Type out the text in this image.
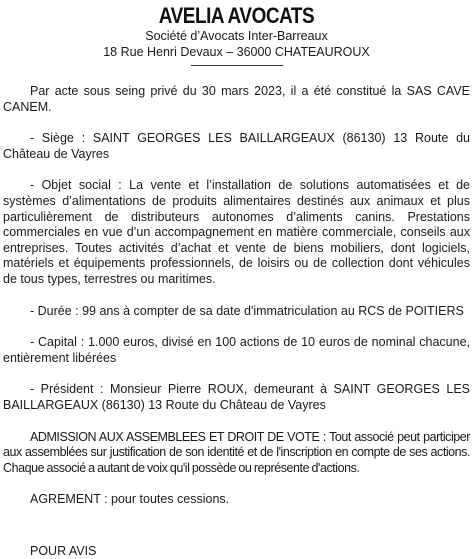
AVELIA AVOCATS
Société d’Avocats Inter-Barreaux
18 Rue Henri Devaux – 36000 CHATEAUROUX

Par acte sous seing privé du 30 mars 2023, il a été constitué la SAS CAVE CANEM.

- Siège : SAINT GEORGES LES BAILLARGEAUX (86130) 13 Route du Château de Vayres

- Objet social : La vente et l’installation de solutions automatisées et de systèmes d’alimentations de produits alimentaires destinés aux animaux et plus particulièrement de distributeurs autonomes d’aliments canins. Prestations commerciales en vue d’un accompagnement en matière commerciale, conseils aux entreprises. Toutes activités d’achat et vente de biens mobiliers, dont logiciels, matériels et équipements professionnels, de loisirs ou de collection dont véhicules de tous types, terrestres ou maritimes.

- Durée : 99 ans à compter de sa date d'immatriculation au RCS de POITIERS

- Capital : 1.000 euros, divisé en 100 actions de 10 euros de nominal chacune, entièrement libérées

- Président : Monsieur Pierre ROUX, demeurant à SAINT GEORGES LES BAILLARGEAUX (86130) 13 Route du Château de Vayres

ADMISSION AUX ASSEMBLEES ET DROIT DE VOTE : Tout associé peut participer aux assemblées sur justification de son identité et de l'inscription en compte de ses actions. Chaque associé a autant de voix qu'il possède ou représente d'actions.

AGREMENT : pour toutes cessions.

POUR AVIS
